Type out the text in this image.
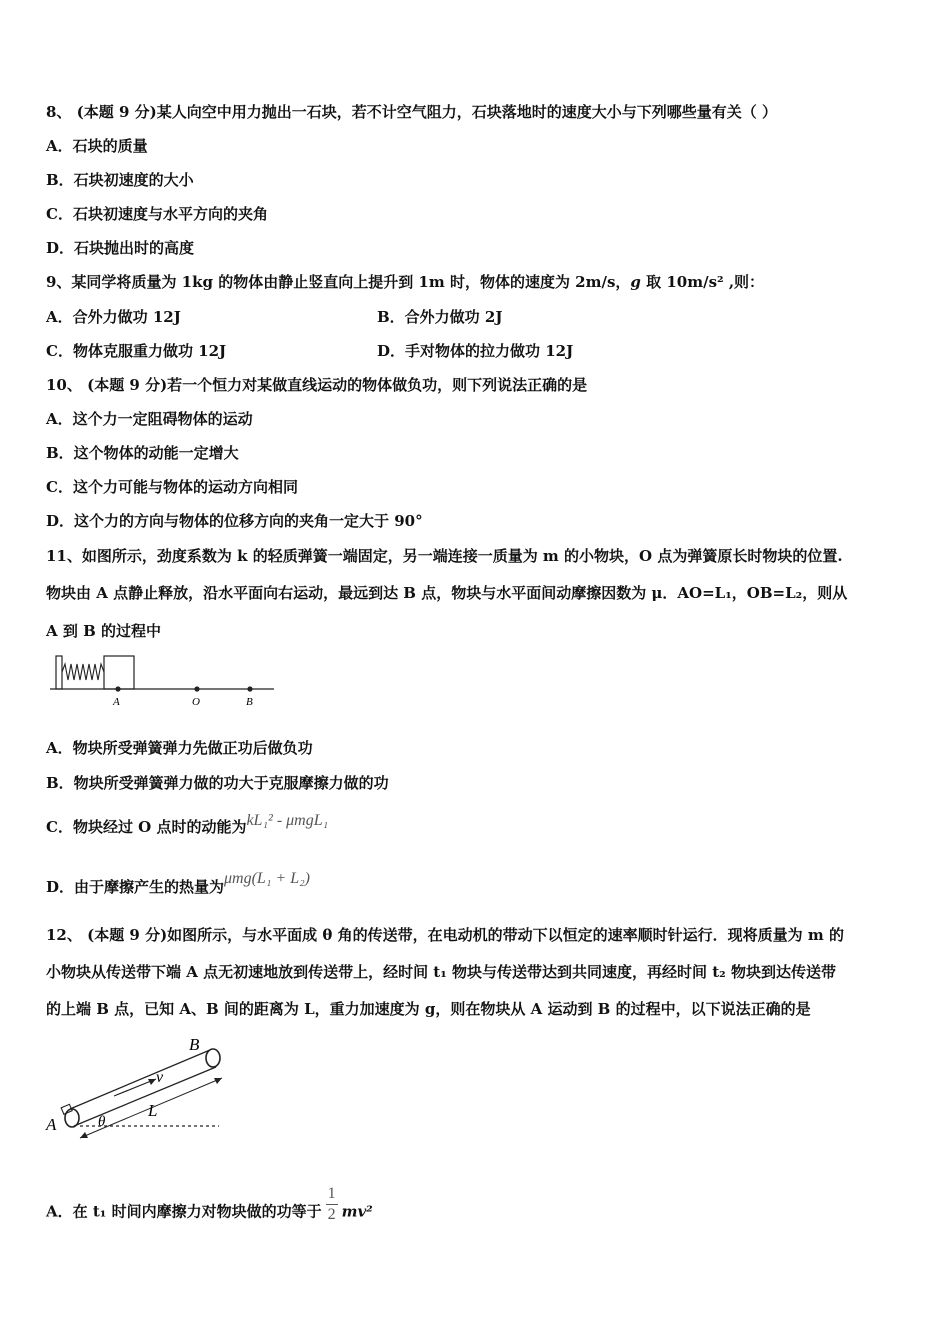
8、 (本题 9 分)某人向空中用力抛出一石块，若不计空气阻力，石块落地时的速度大小与下列哪些量有关（ ）
A．石块的质量
B．石块初速度的大小
C．石块初速度与水平方向的夹角
D．石块抛出时的高度
9、某同学将质量为 1kg 的物体由静止竖直向上提升到 1m 时，物体的速度为 2m/s，g 取 10m/s² ,则：
A．合外力做功 12J	B．合外力做功 2J
C．物体克服重力做功 12J	D．手对物体的拉力做功 12J
10、 (本题 9 分)若一个恒力对某做直线运动的物体做负功，则下列说法正确的是
A．这个力一定阻碍物体的运动
B．这个物体的动能一定增大
C．这个力可能与物体的运动方向相同
D．这个力的方向与物体的位移方向的夹角一定大于 90°
11、如图所示，劲度系数为 k 的轻质弹簧一端固定，另一端连接一质量为 m 的小物块，O 点为弹簧原长时物块的位置.
物块由 A 点静止释放，沿水平面向右运动，最远到达 B 点，物块与水平面间动摩擦因数为 μ．AO=L₁，OB=L₂，则从
A 到 B 的过程中
A	O	B
A．物块所受弹簧弹力先做正功后做负功
B．物块所受弹簧弹力做的功大于克服摩擦力做的功
C．物块经过 O 点时的动能为kL₁² - μmgL₁
D．由于摩擦产生的热量为μmg(L₁ + L₂)
12、 (本题 9 分)如图所示，与水平面成 θ 角的传送带，在电动机的带动下以恒定的速率顺时针运行．现将质量为 m 的
小物块从传送带下端 A 点无初速地放到传送带上，经时间 t₁ 物块与传送带达到共同速度，再经时间 t₂ 物块到达传送带
的上端 B 点，已知 A、B 间的距离为 L，重力加速度为 g，则在物块从 A 运动到 B 的过程中，以下说法正确的是
A
B
v
L
θ
A．在 t₁ 时间内摩擦力对物块做的功等于 $\frac{1}{2} mv^2$
